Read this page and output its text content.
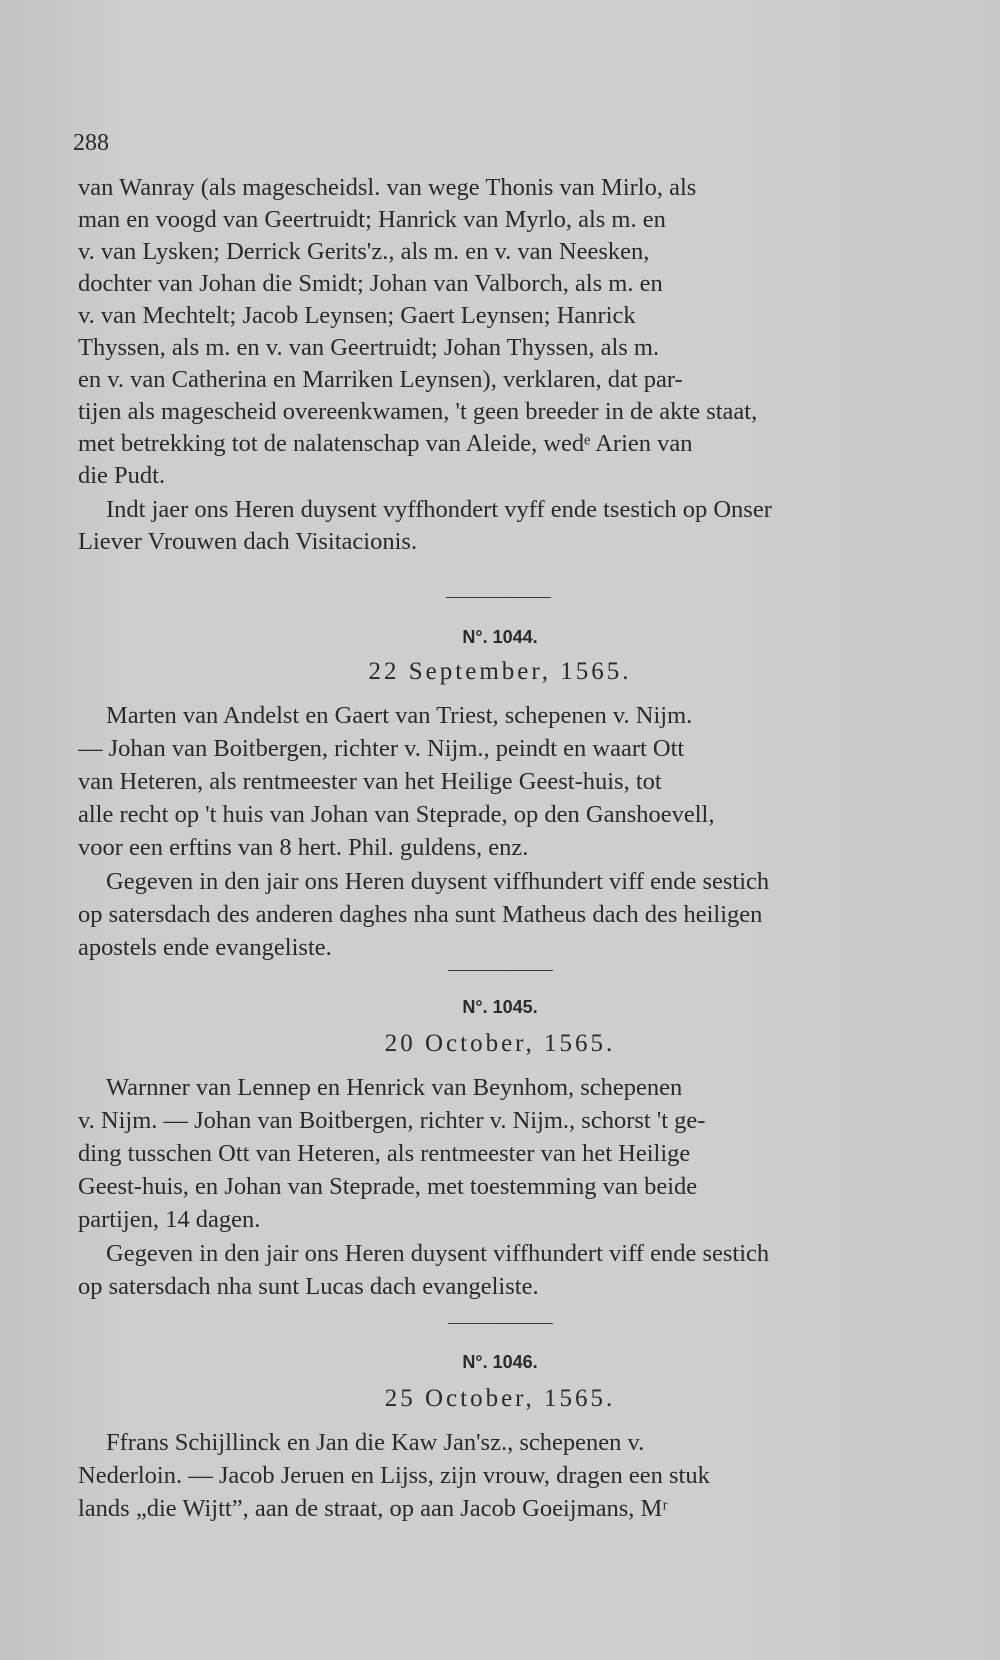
288
van Wanray (als magescheidsl. van wege Thonis van Mirlo, als
man en voogd van Geertruidt; Hanrick van Myrlo, als m. en
v. van Lysken; Derrick Gerits'z., als m. en v. van Neesken,
dochter van Johan die Smidt; Johan van Valborch, als m. en
v. van Mechtelt; Jacob Leynsen; Gaert Leynsen; Hanrick
Thyssen, als m. en v. van Geertruidt; Johan Thyssen, als m.
en v. van Catherina en Marriken Leynsen), verklaren, dat par-
tijen als magescheid overeenkwamen, 't geen breeder in de akte staat,
met betrekking tot de nalatenschap van Aleide, wedᵉ Arien van
die Pudt.
Indt jaer ons Heren duysent vyffhondert vyff ende tsestich op Onser
Liever Vrouwen dach Visitacionis.
N°. 1044.
22 September, 1565.
Marten van Andelst en Gaert van Triest, schepenen v. Nijm.
— Johan van Boitbergen, richter v. Nijm., peindt en waart Ott
van Heteren, als rentmeester van het Heilige Geest-huis, tot
alle recht op 't huis van Johan van Steprade, op den Ganshoevell,
voor een erftins van 8 hert. Phil. guldens, enz.
Gegeven in den jair ons Heren duysent viffhundert viff ende sestich
op satersdach des anderen daghes nha sunt Matheus dach des heiligen
apostels ende evangeliste.
N°. 1045.
20 October, 1565.
Warnner van Lennep en Henrick van Beynhom, schepenen
v. Nijm. — Johan van Boitbergen, richter v. Nijm., schorst 't ge-
ding tusschen Ott van Heteren, als rentmeester van het Heilige
Geest-huis, en Johan van Steprade, met toestemming van beide
partijen, 14 dagen.
Gegeven in den jair ons Heren duysent viffhundert viff ende sestich
op satersdach nha sunt Lucas dach evangeliste.
N°. 1046.
25 October, 1565.
Ffrans Schijllinck en Jan die Kaw Jan'sz., schepenen v.
Nederloin. — Jacob Jeruen en Lijss, zijn vrouw, dragen een stuk
lands „die Wijtt”, aan de straat, op aan Jacob Goeijmans, Mʳ
